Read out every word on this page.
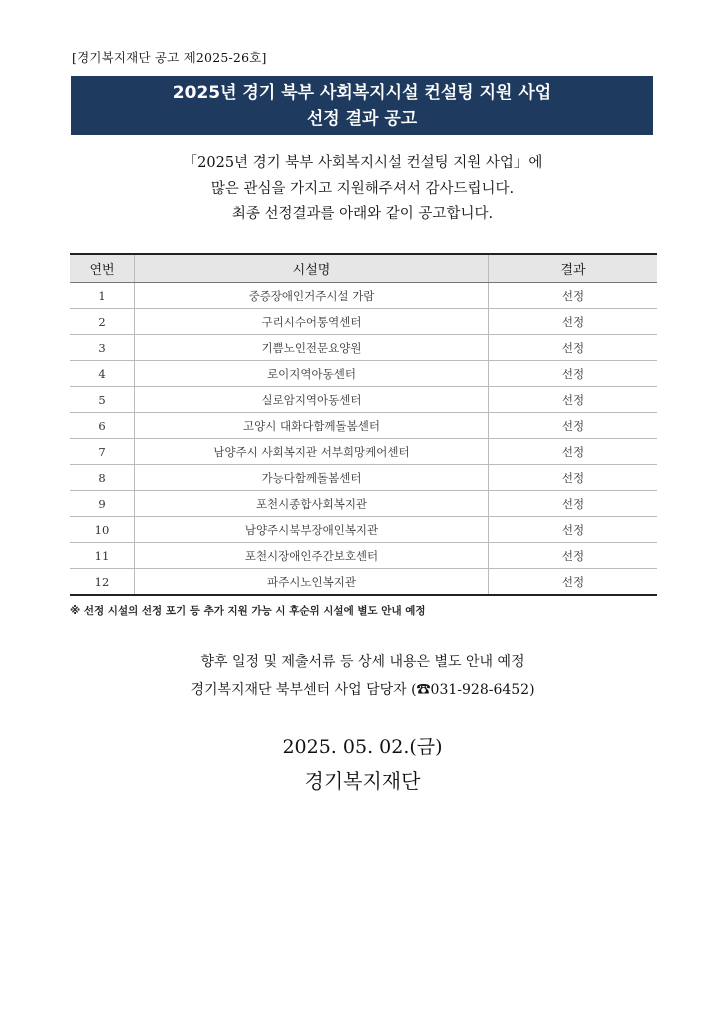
[경기복지재단 공고 제2025-26호]
2025년 경기 북부 사회복지시설 컨설팅 지원 사업
선정 결과 공고
「2025년 경기 북부 사회복지시설 컨설팅 지원 사업」에
많은 관심을 가지고 지원해주셔서 감사드립니다.
최종 선정결과를 아래와 같이 공고합니다.
연번	시설명	결과
1	중증장애인거주시설 가람	선정
2	구리시수어통역센터	선정
3	기쁨노인전문요양원	선정
4	로이지역아동센터	선정
5	실로암지역아동센터	선정
6	고양시 대화다함께돌봄센터	선정
7	남양주시 사회복지관 서부희망케어센터	선정
8	가능다함께돌봄센터	선정
9	포천시종합사회복지관	선정
10	남양주시북부장애인복지관	선정
11	포천시장애인주간보호센터	선정
12	파주시노인복지관	선정
※ 선정 시설의 선정 포기 등 추가 지원 가능 시 후순위 시설에 별도 안내 예정
향후 일정 및 제출서류 등 상세 내용은 별도 안내 예정
경기복지재단 북부센터 사업 담당자 (☎031-928-6452)
2025. 05. 02.(금)
경기복지재단
